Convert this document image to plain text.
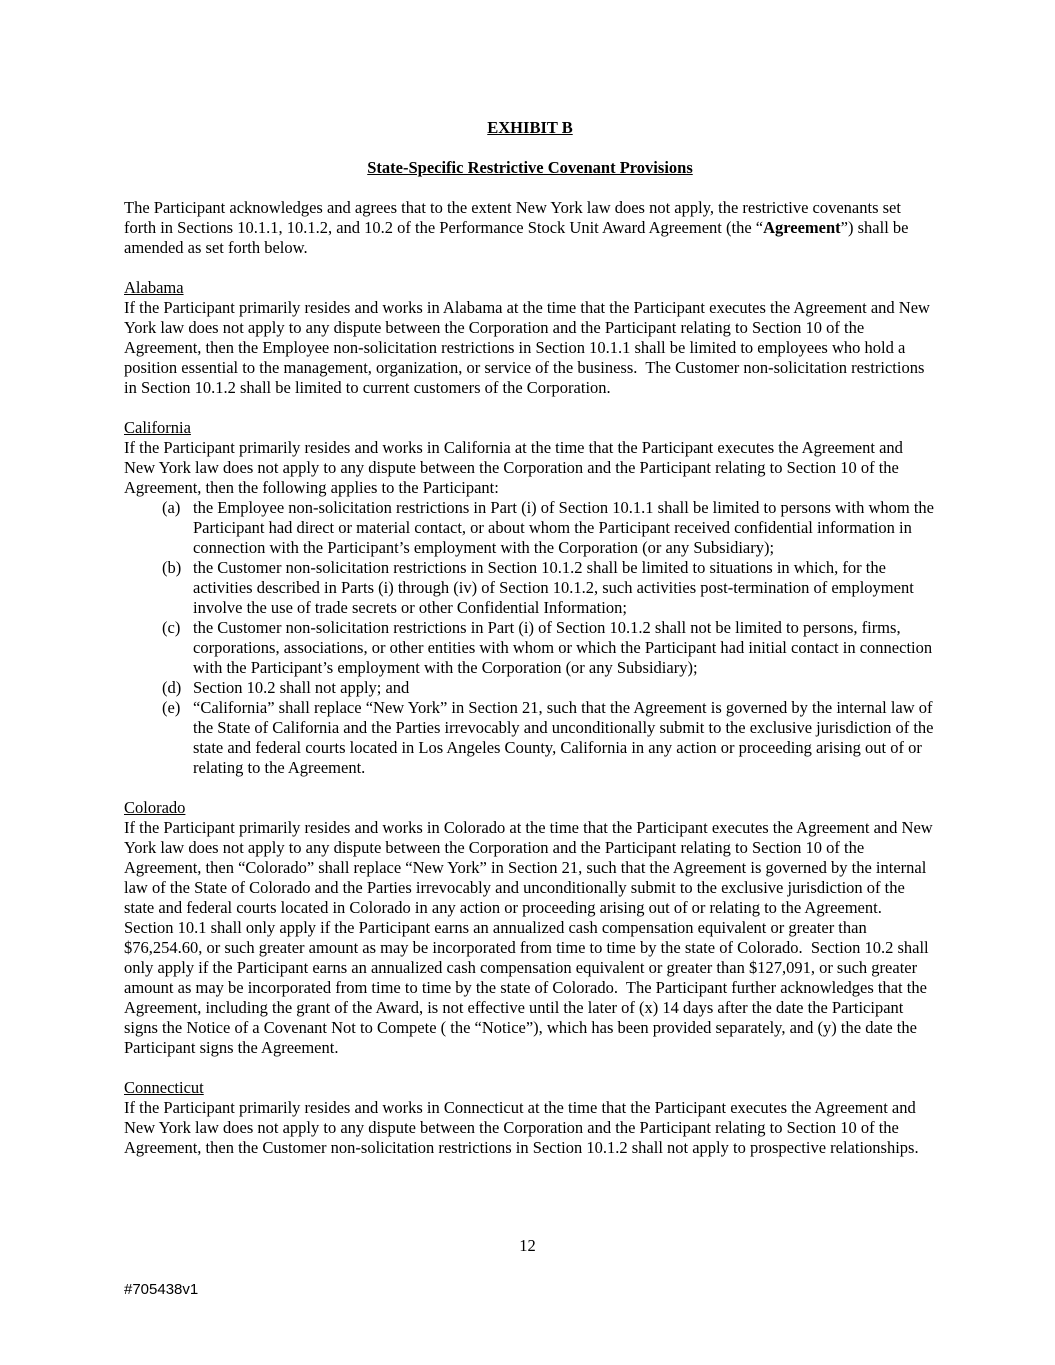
EXHIBIT B
State-Specific Restrictive Covenant Provisions

The Participant acknowledges and agrees that to the extent New York law does not apply, the restrictive covenants set forth in Sections 10.1.1, 10.1.2, and 10.2 of the Performance Stock Unit Award Agreement (the “Agreement”) shall be amended as set forth below.

Alabama

If the Participant primarily resides and works in Alabama at the time that the Participant executes the Agreement and New York law does not apply to any dispute between the Corporation and the Participant relating to Section 10 of the Agreement, then the Employee non-solicitation restrictions in Section 10.1.1 shall be limited to employees who hold a position essential to the management, organization, or service of the business.  The Customer non-solicitation restrictions in Section 10.1.2 shall be limited to current customers of the Corporation.

California

If the Participant primarily resides and works in California at the time that the Participant executes the Agreement and New York law does not apply to any dispute between the Corporation and the Participant relating to Section 10 of the Agreement, then the following applies to the Participant:

(a) the Employee non-solicitation restrictions in Part (i) of Section 10.1.1 shall be limited to persons with whom the Participant had direct or material contact, or about whom the Participant received confidential information in connection with the Participant’s employment with the Corporation (or any Subsidiary);
(b) the Customer non-solicitation restrictions in Section 10.1.2 shall be limited to situations in which, for the activities described in Parts (i) through (iv) of Section 10.1.2, such activities post-termination of employment involve the use of trade secrets or other Confidential Information;
(c) the Customer non-solicitation restrictions in Part (i) of Section 10.1.2 shall not be limited to persons, firms, corporations, associations, or other entities with whom or which the Participant had initial contact in connection with the Participant’s employment with the Corporation (or any Subsidiary);
(d) Section 10.2 shall not apply; and
(e) “California” shall replace “New York” in Section 21, such that the Agreement is governed by the internal law of the State of California and the Parties irrevocably and unconditionally submit to the exclusive jurisdiction of the state and federal courts located in Los Angeles County, California in any action or proceeding arising out of or relating to the Agreement.
Colorado

If the Participant primarily resides and works in Colorado at the time that the Participant executes the Agreement and New York law does not apply to any dispute between the Corporation and the Participant relating to Section 10 of the Agreement, then “Colorado” shall replace “New York” in Section 21, such that the Agreement is governed by the internal law of the State of Colorado and the Parties irrevocably and unconditionally submit to the exclusive jurisdiction of the state and federal courts located in Colorado in any action or proceeding arising out of or relating to the Agreement.  Section 10.1 shall only apply if the Participant earns an annualized cash compensation equivalent or greater than $76,254.60, or such greater amount as may be incorporated from time to time by the state of Colorado.  Section 10.2 shall only apply if the Participant earns an annualized cash compensation equivalent or greater than $127,091, or such greater amount as may be incorporated from time to time by the state of Colorado.  The Participant further acknowledges that the Agreement, including the grant of the Award, is not effective until the later of (x) 14 days after the date the Participant signs the Notice of a Covenant Not to Compete ( the “Notice”), which has been provided separately, and (y) the date the Participant signs the Agreement.

Connecticut

If the Participant primarily resides and works in Connecticut at the time that the Participant executes the Agreement and New York law does not apply to any dispute between the Corporation and the Participant relating to Section 10 of the Agreement, then the Customer non-solicitation restrictions in Section 10.1.2 shall not apply to prospective relationships.

12
#705438v1
